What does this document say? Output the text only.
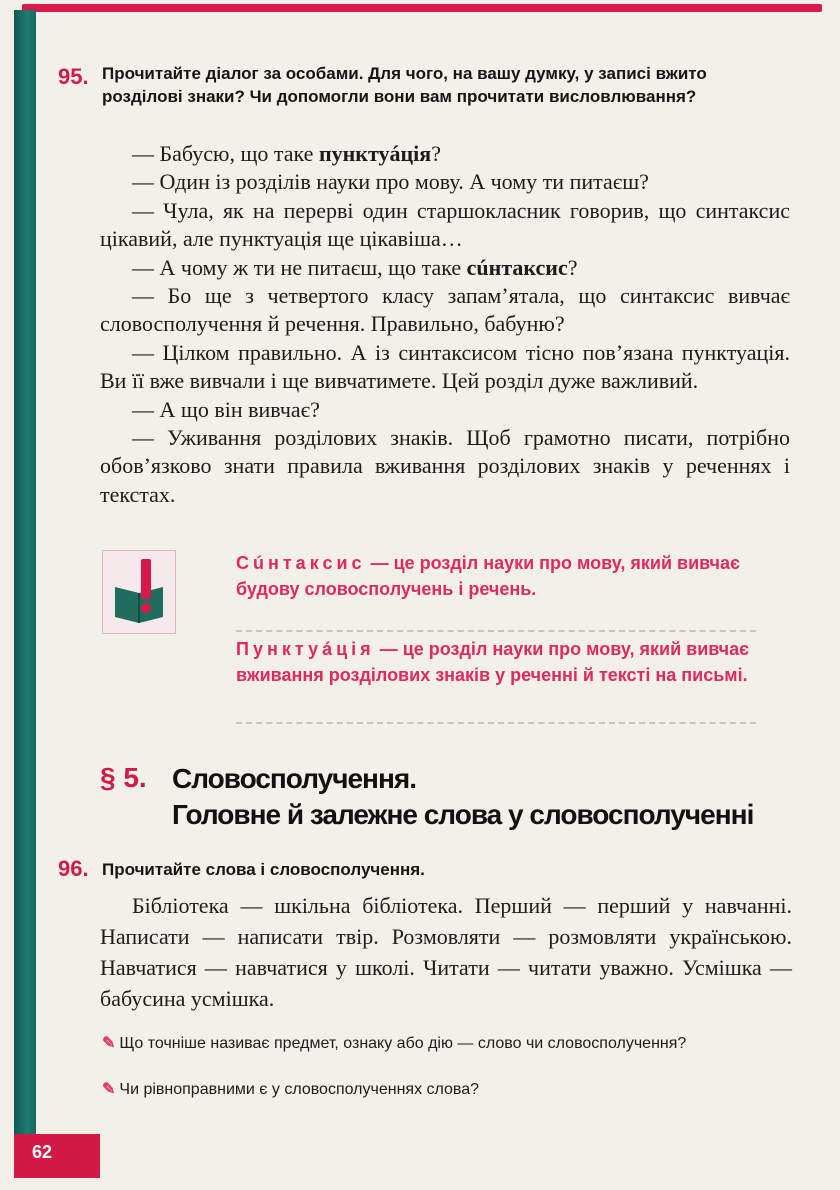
95. Прочитайте діалог за особами. Для чого, на вашу думку, у записі вжито розділові знаки? Чи допомогли вони вам прочитати висловлювання?

— Бабусю, що таке пунктуáція?

— Один із розділів науки про мову. А чому ти питаєш?

— Чула, як на перерві один старшокласник говорив, що синтаксис цікавий, але пунктуація ще цікавіша…

— А чому ж ти не питаєш, що таке сúнтаксис?

— Бо ще з четвертого класу запам’ятала, що синтаксис вивчає словосполучення й речення. Правильно, бабуню?

— Цілком правильно. А із синтаксисом тісно пов’язана пунктуація. Ви її вже вивчали і ще вивчатимете. Цей розділ дуже важливий.

— А що він вивчає?

— Уживання розділових знаків. Щоб грамотно писати, потрібно обов’язково знати правила вживання розділових знаків у реченнях і текстах.

Сúнтаксис — це розділ науки про мову, який вивчає будову словосполучень і речень.
Пунктуáція — це розділ науки про мову, який вивчає вживання розділових знаків у реченні й тексті на письмі.
§ 5. Словосполучення.
Головне й залежне слова у словосполученні
96. Прочитайте слова і словосполучення.

Бібліотека — шкільна бібліотека. Перший — перший у навчанні. Написати — написати твір. Розмовляти — розмовляти українською. Навчатися — навчатися у школі. Читати — читати уважно. Усмішка — бабусина усмішка.

✎ Що точніше називає предмет, ознаку або дію — слово чи словосполучення?
✎ Чи рівноправними є у словосполученнях слова?
62
